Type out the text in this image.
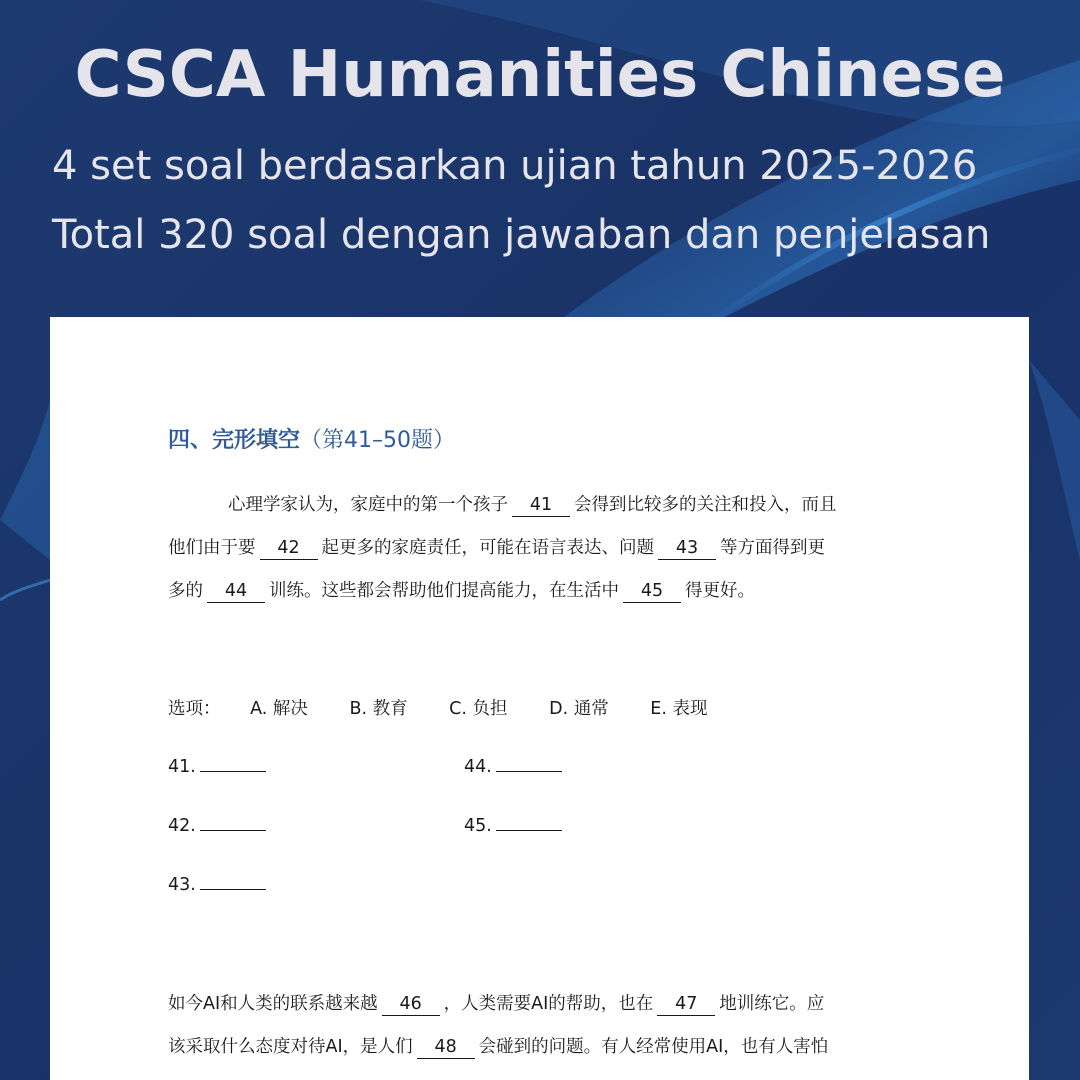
CSCA Humanities Chinese
4 set soal berdasarkan ujian tahun 2025-2026
Total 320 soal dengan jawaban dan penjelasan
四、完形填空（第41–50题）
心理学家认为，家庭中的第一个孩子 41 会得到比较多的关注和投入，而且
他们由于要 42 起更多的家庭责任，可能在语言表达、问题 43 等方面得到更
多的 44 训练。这些都会帮助他们提高能力，在生活中 45 得更好。
选项： A. 解决 B. 教育 C. 负担 D. 通常 E. 表现
41.	44.
42.	45.
43.
如今AI和人类的联系越来越 46 ，人类需要AI的帮助，也在 47 地训练它。应
该采取什么态度对待AI，是人们 48 会碰到的问题。有人经常使用AI，也有人害怕
